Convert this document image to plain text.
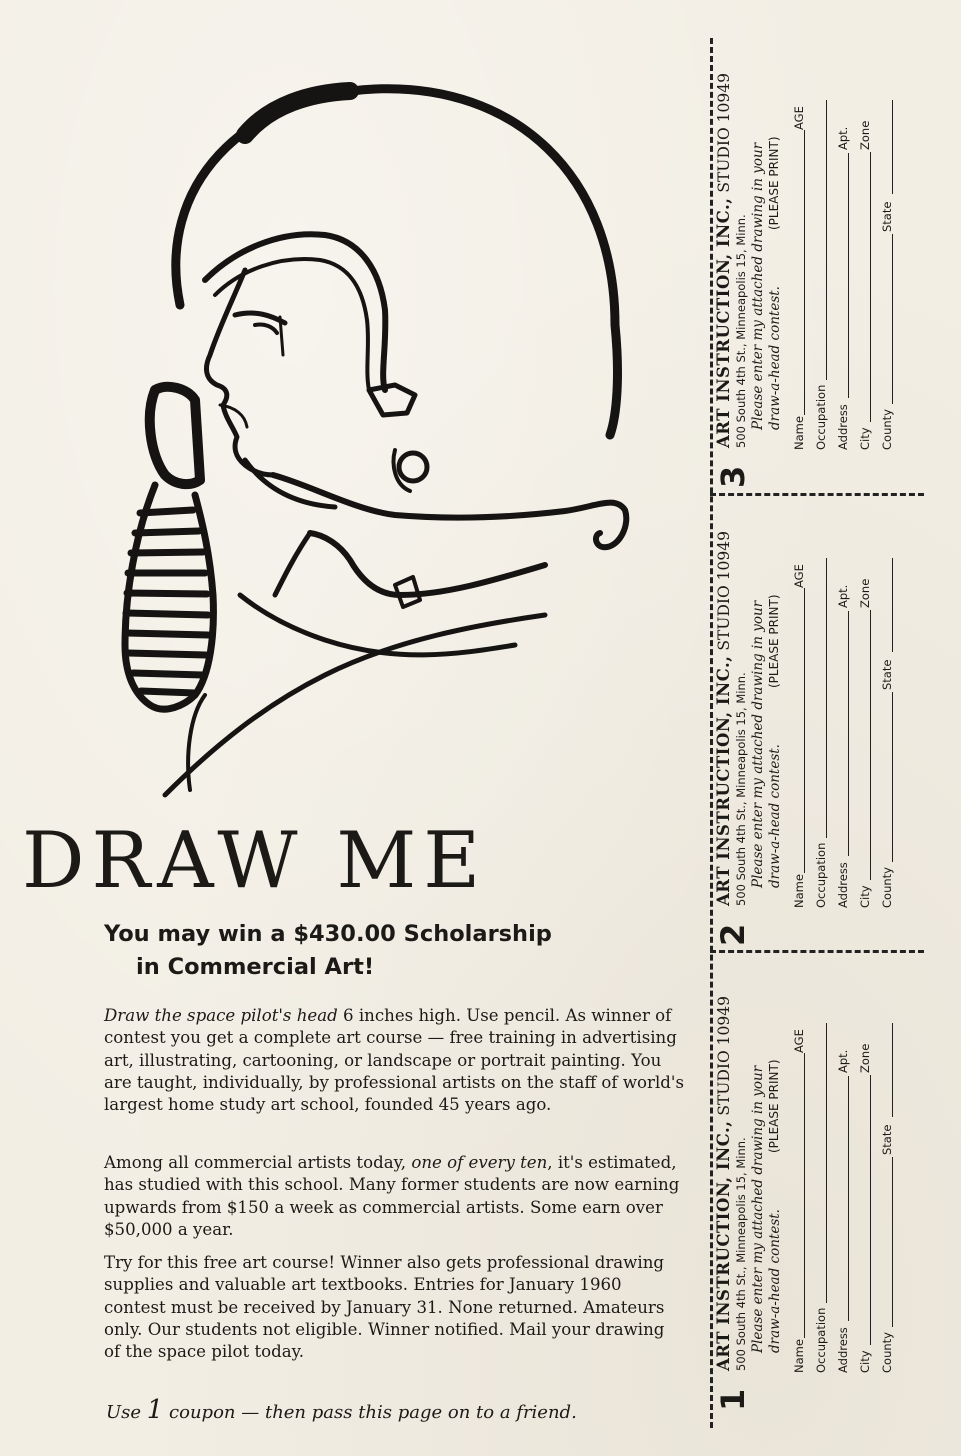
DRAW ME
You may win a $430.00 Scholarship
in Commercial Art!

Draw the space pilot's head 6 inches high. Use pencil. As winner of contest you get a complete art course — free training in advertising art, illustrating, cartooning, or landscape or portrait painting. You are taught, individually, by professional artists on the staff of world's largest home study art school, founded 45 years ago.

Among all commercial artists today, one of every ten, it's estimated, has studied with this school. Many former students are now earning upwards from $150 a week as commercial artists. Some earn over $50,000 a year.

Try for this free art course! Winner also gets professional drawing supplies and valuable art textbooks. Entries for January 1960 contest must be received by January 31. None returned. Amateurs only. Our students not eligible. Winner notified. Mail your drawing of the space pilot today.

Use 1 coupon — then pass this page on to a friend.
3
ART INSTRUCTION, INC., STUDIO 10949
500 South 4th St., Minneapolis 15, Minn. Please enter my attached drawing in your draw-a-head contest.
(PLEASE PRINT)
Name
AGE
Occupation Address
Apt.
City
Zone
County
State
2
ART INSTRUCTION, INC., STUDIO 10949
500 South 4th St., Minneapolis 15, Minn. Please enter my attached drawing in your draw-a-head contest.
(PLEASE PRINT)
Name
AGE
Occupation Address
Apt.
City
Zone
County
State
1
ART INSTRUCTION, INC., STUDIO 10949
500 South 4th St., Minneapolis 15, Minn. Please enter my attached drawing in your draw-a-head contest.
(PLEASE PRINT)
Name
AGE
Occupation Address
Apt.
City
Zone
County
State
